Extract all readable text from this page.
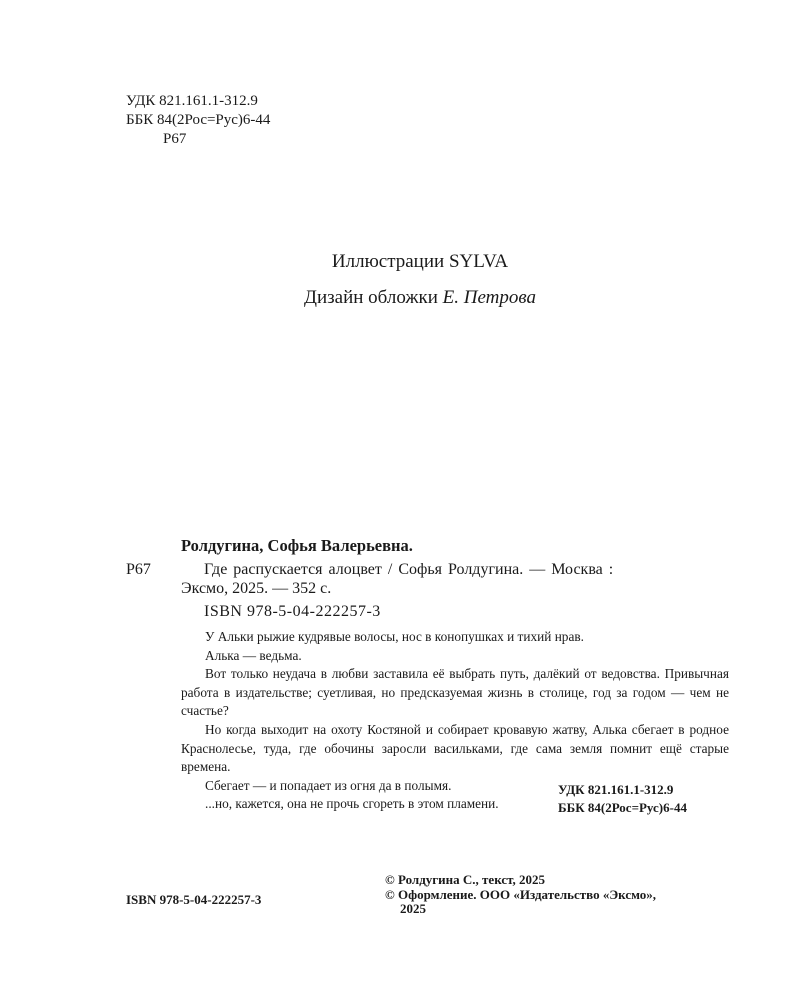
УДК 821.161.1-312.9
ББК 84(2Рос=Рус)6-44
Р67
Иллюстрации SYLVA
Дизайн обложки Е. Петрова
Ролдугина, Софья Валерьевна.
Р67	Где распускается алоцвет / Софья Ролдугина. — Москва :
Эксмо, 2025. — 352 с.
ISBN 978-5-04-222257-3

У Альки рыжие кудрявые волосы, нос в конопушках и тихий нрав.

Алька — ведьма.

Вот только неудача в любви заставила её выбрать путь, далёкий от ведовства. Привычная работа в издательстве; суетливая, но предсказуемая жизнь в столице, год за годом — чем не счастье?

Но когда выходит на охоту Костяной и собирает кровавую жатву, Алька сбегает в родное Краснолесье, туда, где обочины заросли васильками, где сама земля помнит ещё старые времена.

Сбегает — и попадает из огня да в полымя.

...но, кажется, она не прочь сгореть в этом пламени.

УДК 821.161.1-312.9
ББК 84(2Рос=Рус)6-44
© Ролдугина С., текст, 2025
© Оформление. ООО «Издательство «Эксмо»,
2025
ISBN 978-5-04-222257-3
